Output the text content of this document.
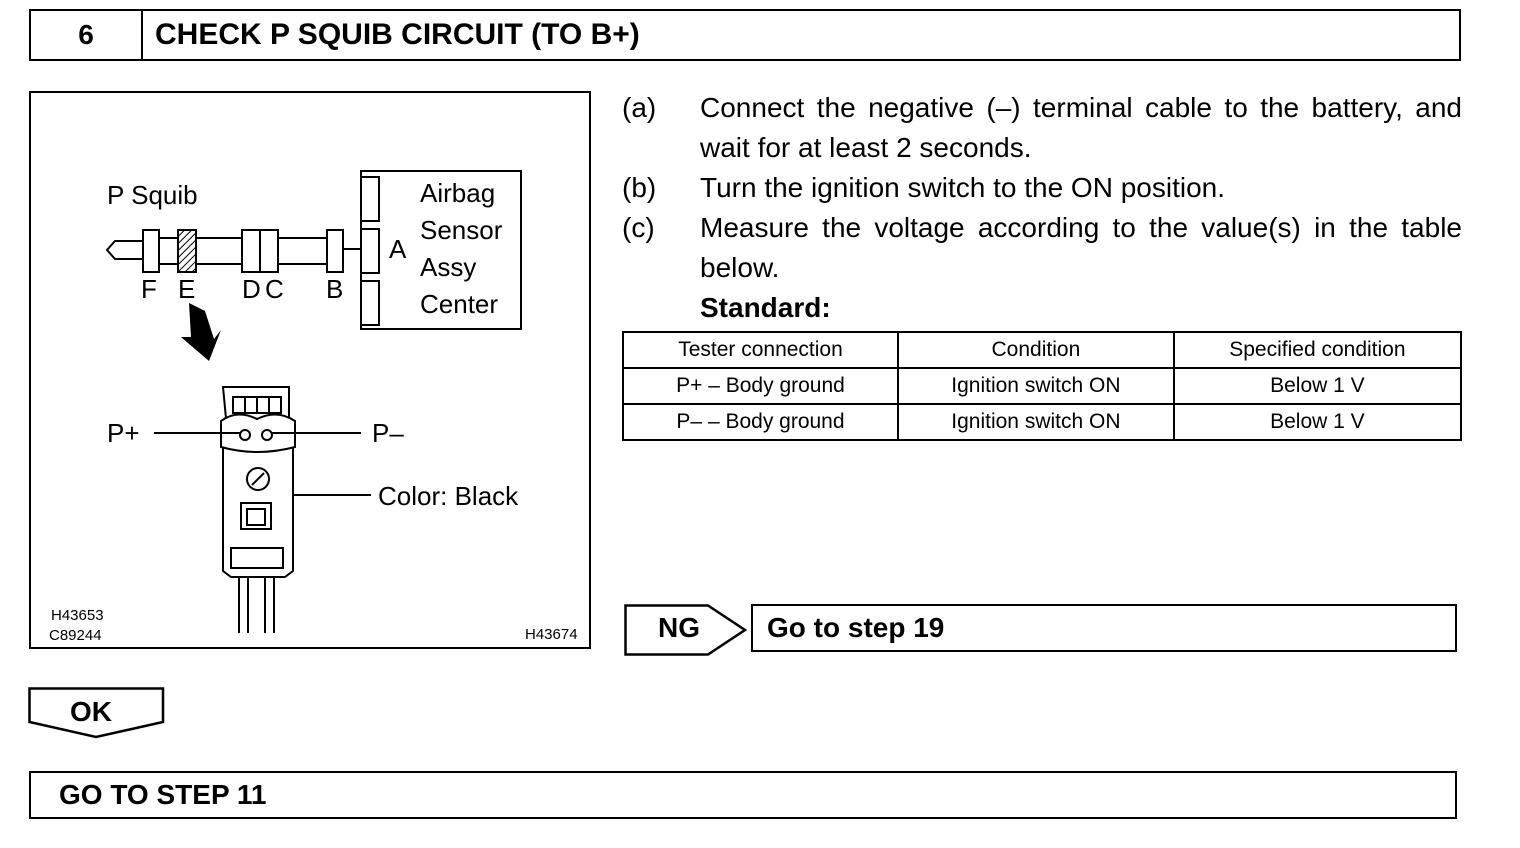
6	CHECK P SQUIB CIRCUIT (TO B+)
P Squib
F E D C B
A
Airbag
Sensor
Assy
Center
P+	P–
Color: Black
H43653
C89244	H43674
(a)	Connect the negative (–) terminal cable to the battery, and wait for at least 2 seconds.
(b)	Turn the ignition switch to the ON position.
(c)	Measure the voltage according to the value(s) in the table below.
Standard:
Tester connection	Condition	Specified condition
P+ – Body ground	Ignition switch ON	Below 1 V
P– – Body ground	Ignition switch ON	Below 1 V
NG	Go to step 19
OK
GO TO STEP 11
